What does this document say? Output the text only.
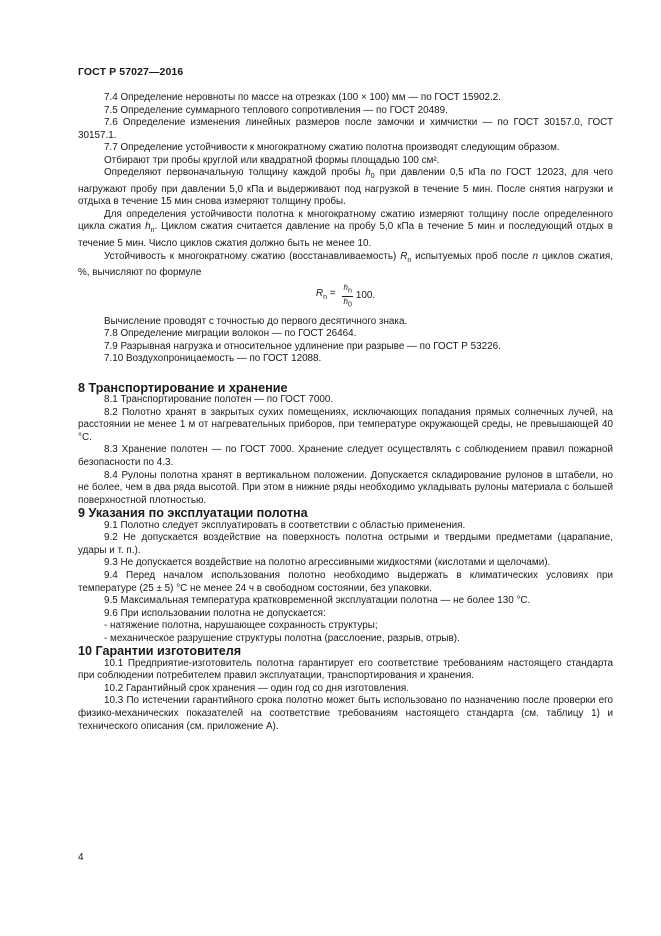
ГОСТ Р 57027—2016

7.4 Определение неровноты по массе на отрезках (100 × 100) мм — по ГОСТ 15902.2.

7.5 Определение суммарного теплового сопротивления — по ГОСТ 20489.

7.6 Определение изменения линейных размеров после замочки и химчистки — по ГОСТ 30157.0, ГОСТ 30157.1.

7.7 Определение устойчивости к многократному сжатию полотна производят следующим образом.

Отбирают три пробы круглой или квадратной формы площадью 100 см².

Определяют первоначальную толщину каждой пробы $h_0$ при давлении 0,5 кПа по ГОСТ 12023, для чего нагружают пробу при давлении 5,0 кПа и выдерживают под нагрузкой в течение 5 мин. После снятия нагрузки и отдыха в течение 15 мин снова измеряют толщину пробы.

Для определения устойчивости полотна к многократному сжатию измеряют толщину после определенного цикла сжатия $h_n$. Циклом сжатия считается давление на пробу 5,0 кПа в течение 5 мин и последующий отдых в течение 5 мин. Число циклов сжатия должно быть не менее 10.

Устойчивость к многократному сжатию (восстанавливаемость) $R_n$ испытуемых проб после n циклов сжатия, %, вычисляют по формуле

$R_n = \frac{h_n}{h_0} 100$.

Вычисление проводят с точностью до первого десятичного знака.

7.8 Определение миграции волокон — по ГОСТ 26464.

7.9 Разрывная нагрузка и относительное удлинение при разрыве — по ГОСТ Р 53226.

7.10 Воздухопроницаемость — по ГОСТ 12088.

8 Транспортирование и хранение

8.1 Транспортирование полотен — по ГОСТ 7000.

8.2 Полотно хранят в закрытых сухих помещениях, исключающих попадания прямых солнечных лучей, на расстоянии не менее 1 м от нагревательных приборов, при температуре окружающей среды, не превышающей 40 °С.

8.3 Хранение полотен — по ГОСТ 7000. Хранение следует осуществлять с соблюдением правил пожарной безопасности по 4.3.

8.4 Рулоны полотна хранят в вертикальном положении. Допускается складирование рулонов в штабели, но не более, чем в два ряда высотой. При этом в нижние ряды необходимо укладывать рулоны материала с большей поверхностной плотностью.

9 Указания по эксплуатации полотна

9.1 Полотно следует эксплуатировать в соответствии с областью применения.

9.2 Не допускается воздействие на поверхность полотна острыми и твердыми предметами (царапание, удары и т. п.).

9.3 Не допускается воздействие на полотно агрессивными жидкостями (кислотами и щелочами).

9.4 Перед началом использования полотно необходимо выдержать в климатических условиях при температуре (25 ± 5) °С не менее 24 ч в свободном состоянии, без упаковки.

9.5 Максимальная температура кратковременной эксплуатации полотна — не более 130 °С.

9.6 При использовании полотна не допускается:

- натяжение полотна, нарушающее сохранность структуры;

- механическое разрушение структуры полотна (расслоение, разрыв, отрыв).

10 Гарантии изготовителя

10.1 Предприятие-изготовитель полотна гарантирует его соответствие требованиям настоящего стандарта при соблюдении потребителем правил эксплуатации, транспортирования и хранения.

10.2 Гарантийный срок хранения — один год со дня изготовления.

10.3 По истечении гарантийного срока полотно может быть использовано по назначению после проверки его физико-механических показателей на соответствие требованиям настоящего стандарта (см. таблицу 1) и технического описания (см. приложение А).

4
